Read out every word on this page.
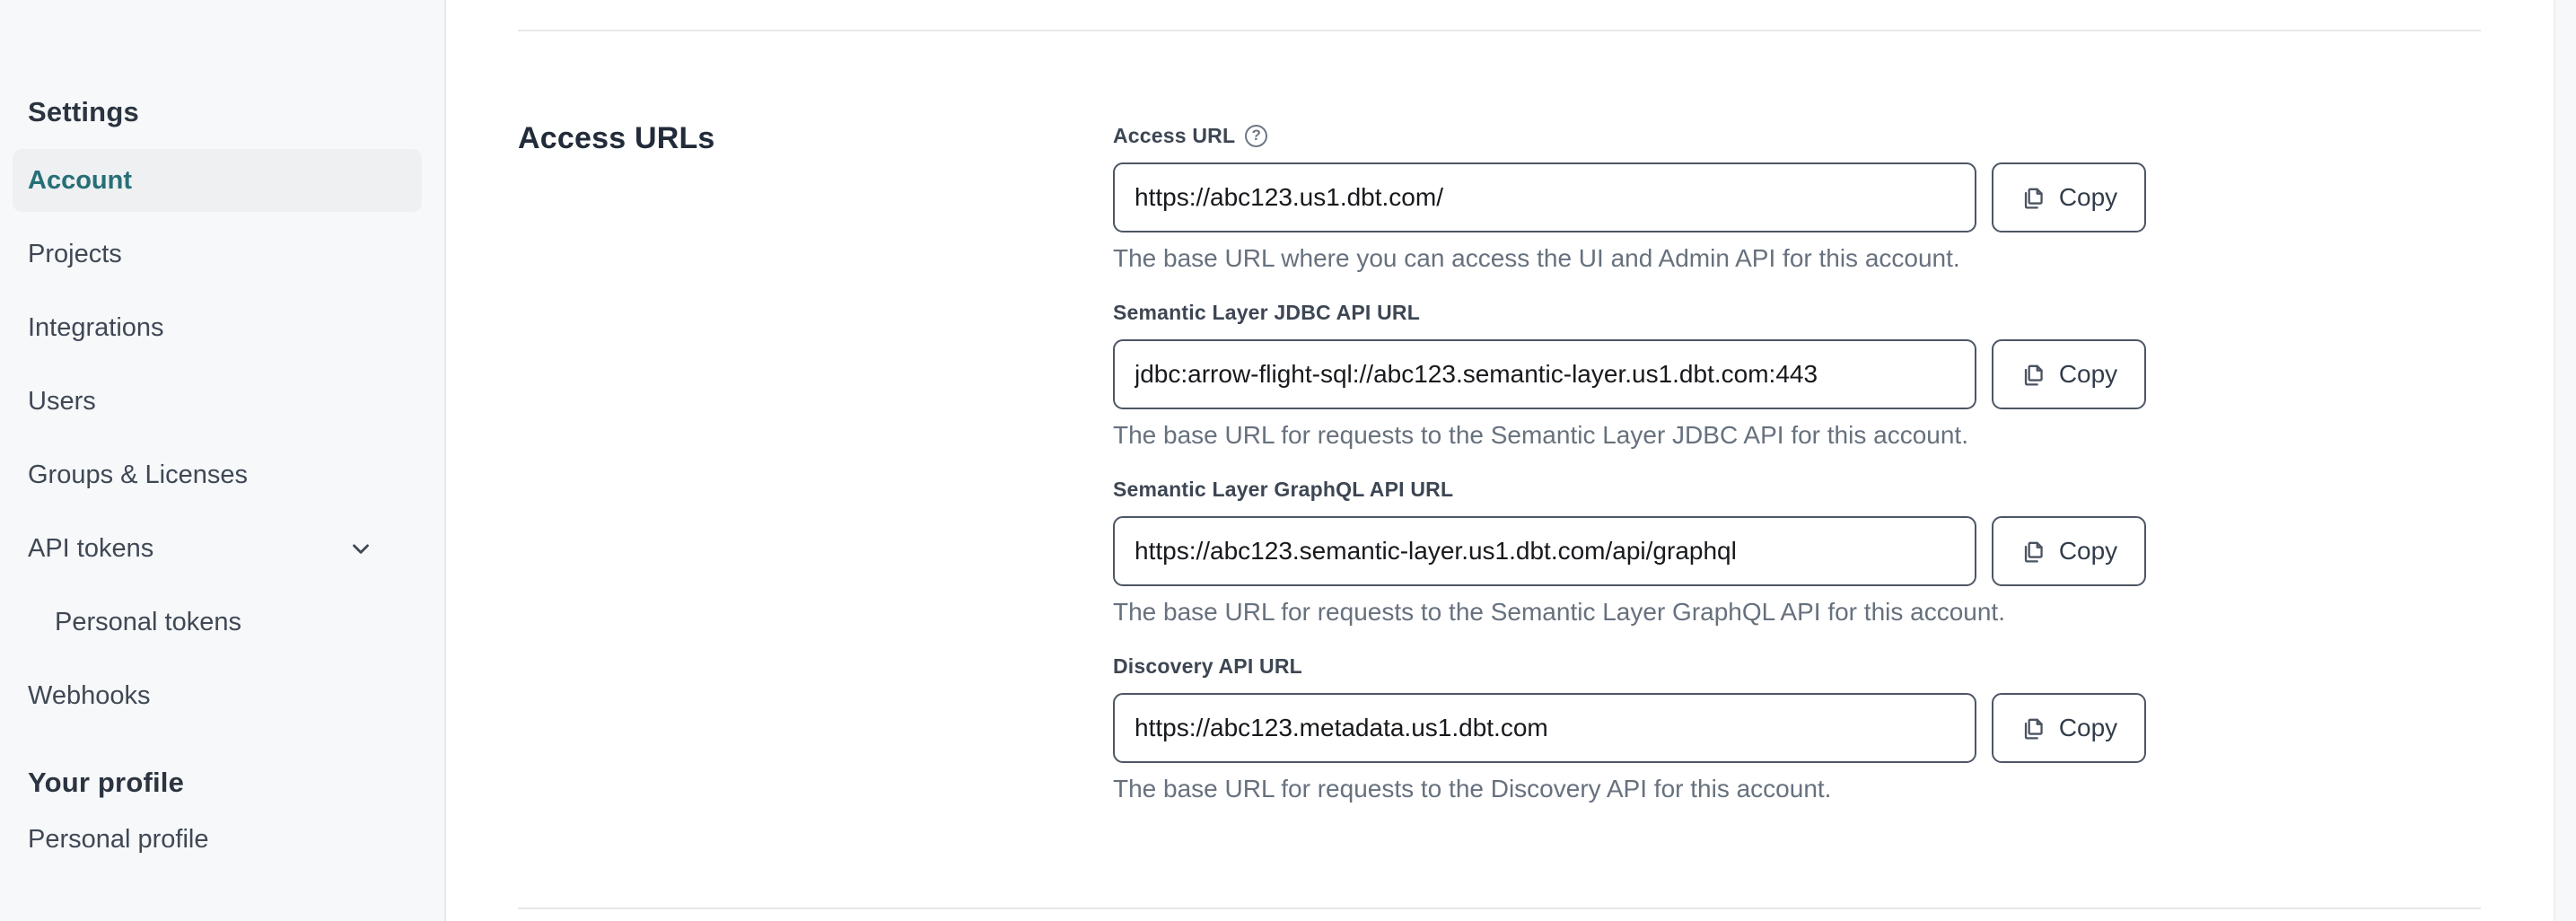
Settings
Account
Projects
Integrations
Users
Groups & Licenses
API tokens
Personal tokens
Webhooks
Your profile
Personal profile
Access URLs	Access URL	?
https://abc123.us1.dbt.com/
Copy
The base URL where you can access the UI and Admin API for this account.
Semantic Layer JDBC API URL
jdbc:arrow-flight-sql://abc123.semantic-layer.us1.dbt.com:443
Copy
The base URL for requests to the Semantic Layer JDBC API for this account.
Semantic Layer GraphQL API URL
https://abc123.semantic-layer.us1.dbt.com/api/graphql
Copy
The base URL for requests to the Semantic Layer GraphQL API for this account.
Discovery API URL
https://abc123.metadata.us1.dbt.com
Copy
The base URL for requests to the Discovery API for this account.
